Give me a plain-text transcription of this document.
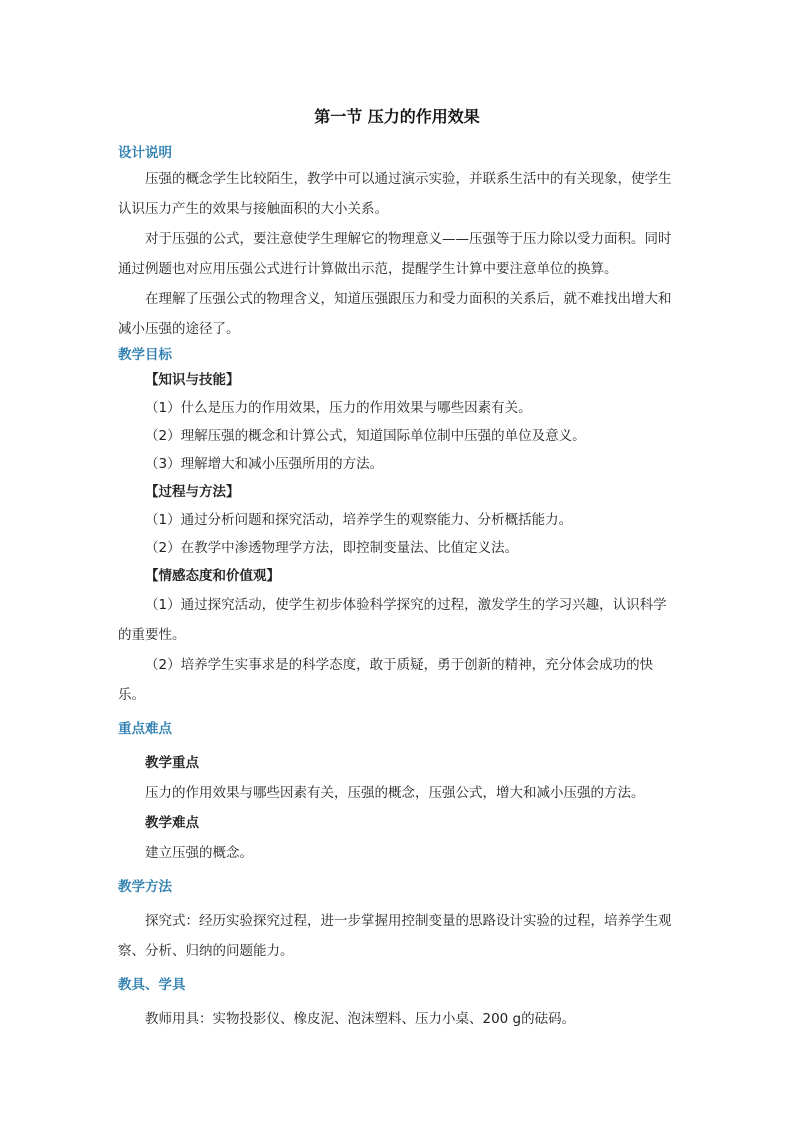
第一节 压力的作用效果
设计说明

压强的概念学生比较陌生，教学中可以通过演示实验，并联系生活中的有关现象，使学生认识压力产生的效果与接触面积的大小关系。

对于压强的公式，要注意使学生理解它的物理意义——压强等于压力除以受力面积。同时通过例题也对应用压强公式进行计算做出示范，提醒学生计算中要注意单位的换算。

在理解了压强公式的物理含义，知道压强跟压力和受力面积的关系后，就不难找出增大和减小压强的途径了。

教学目标
【知识与技能】
（1）什么是压力的作用效果，压力的作用效果与哪些因素有关。
（2）理解压强的概念和计算公式，知道国际单位制中压强的单位及意义。
（3）理解增大和减小压强所用的方法。
【过程与方法】
（1）通过分析问题和探究活动，培养学生的观察能力、分析概括能力。
（2）在教学中渗透物理学方法，即控制变量法、比值定义法。
【情感态度和价值观】

（1）通过探究活动，使学生初步体验科学探究的过程，激发学生的学习兴趣，认识科学的重要性。

（2）培养学生实事求是的科学态度，敢于质疑，勇于创新的精神，充分体会成功的快乐。

重点难点
教学重点
压力的作用效果与哪些因素有关，压强的概念，压强公式，增大和减小压强的方法。
教学难点
建立压强的概念。
教学方法

探究式：经历实验探究过程，进一步掌握用控制变量的思路设计实验的过程，培养学生观察、分析、归纳的问题能力。

教具、学具

教师用具：实物投影仪、橡皮泥、泡沫塑料、压力小桌、200 g的砝码。
